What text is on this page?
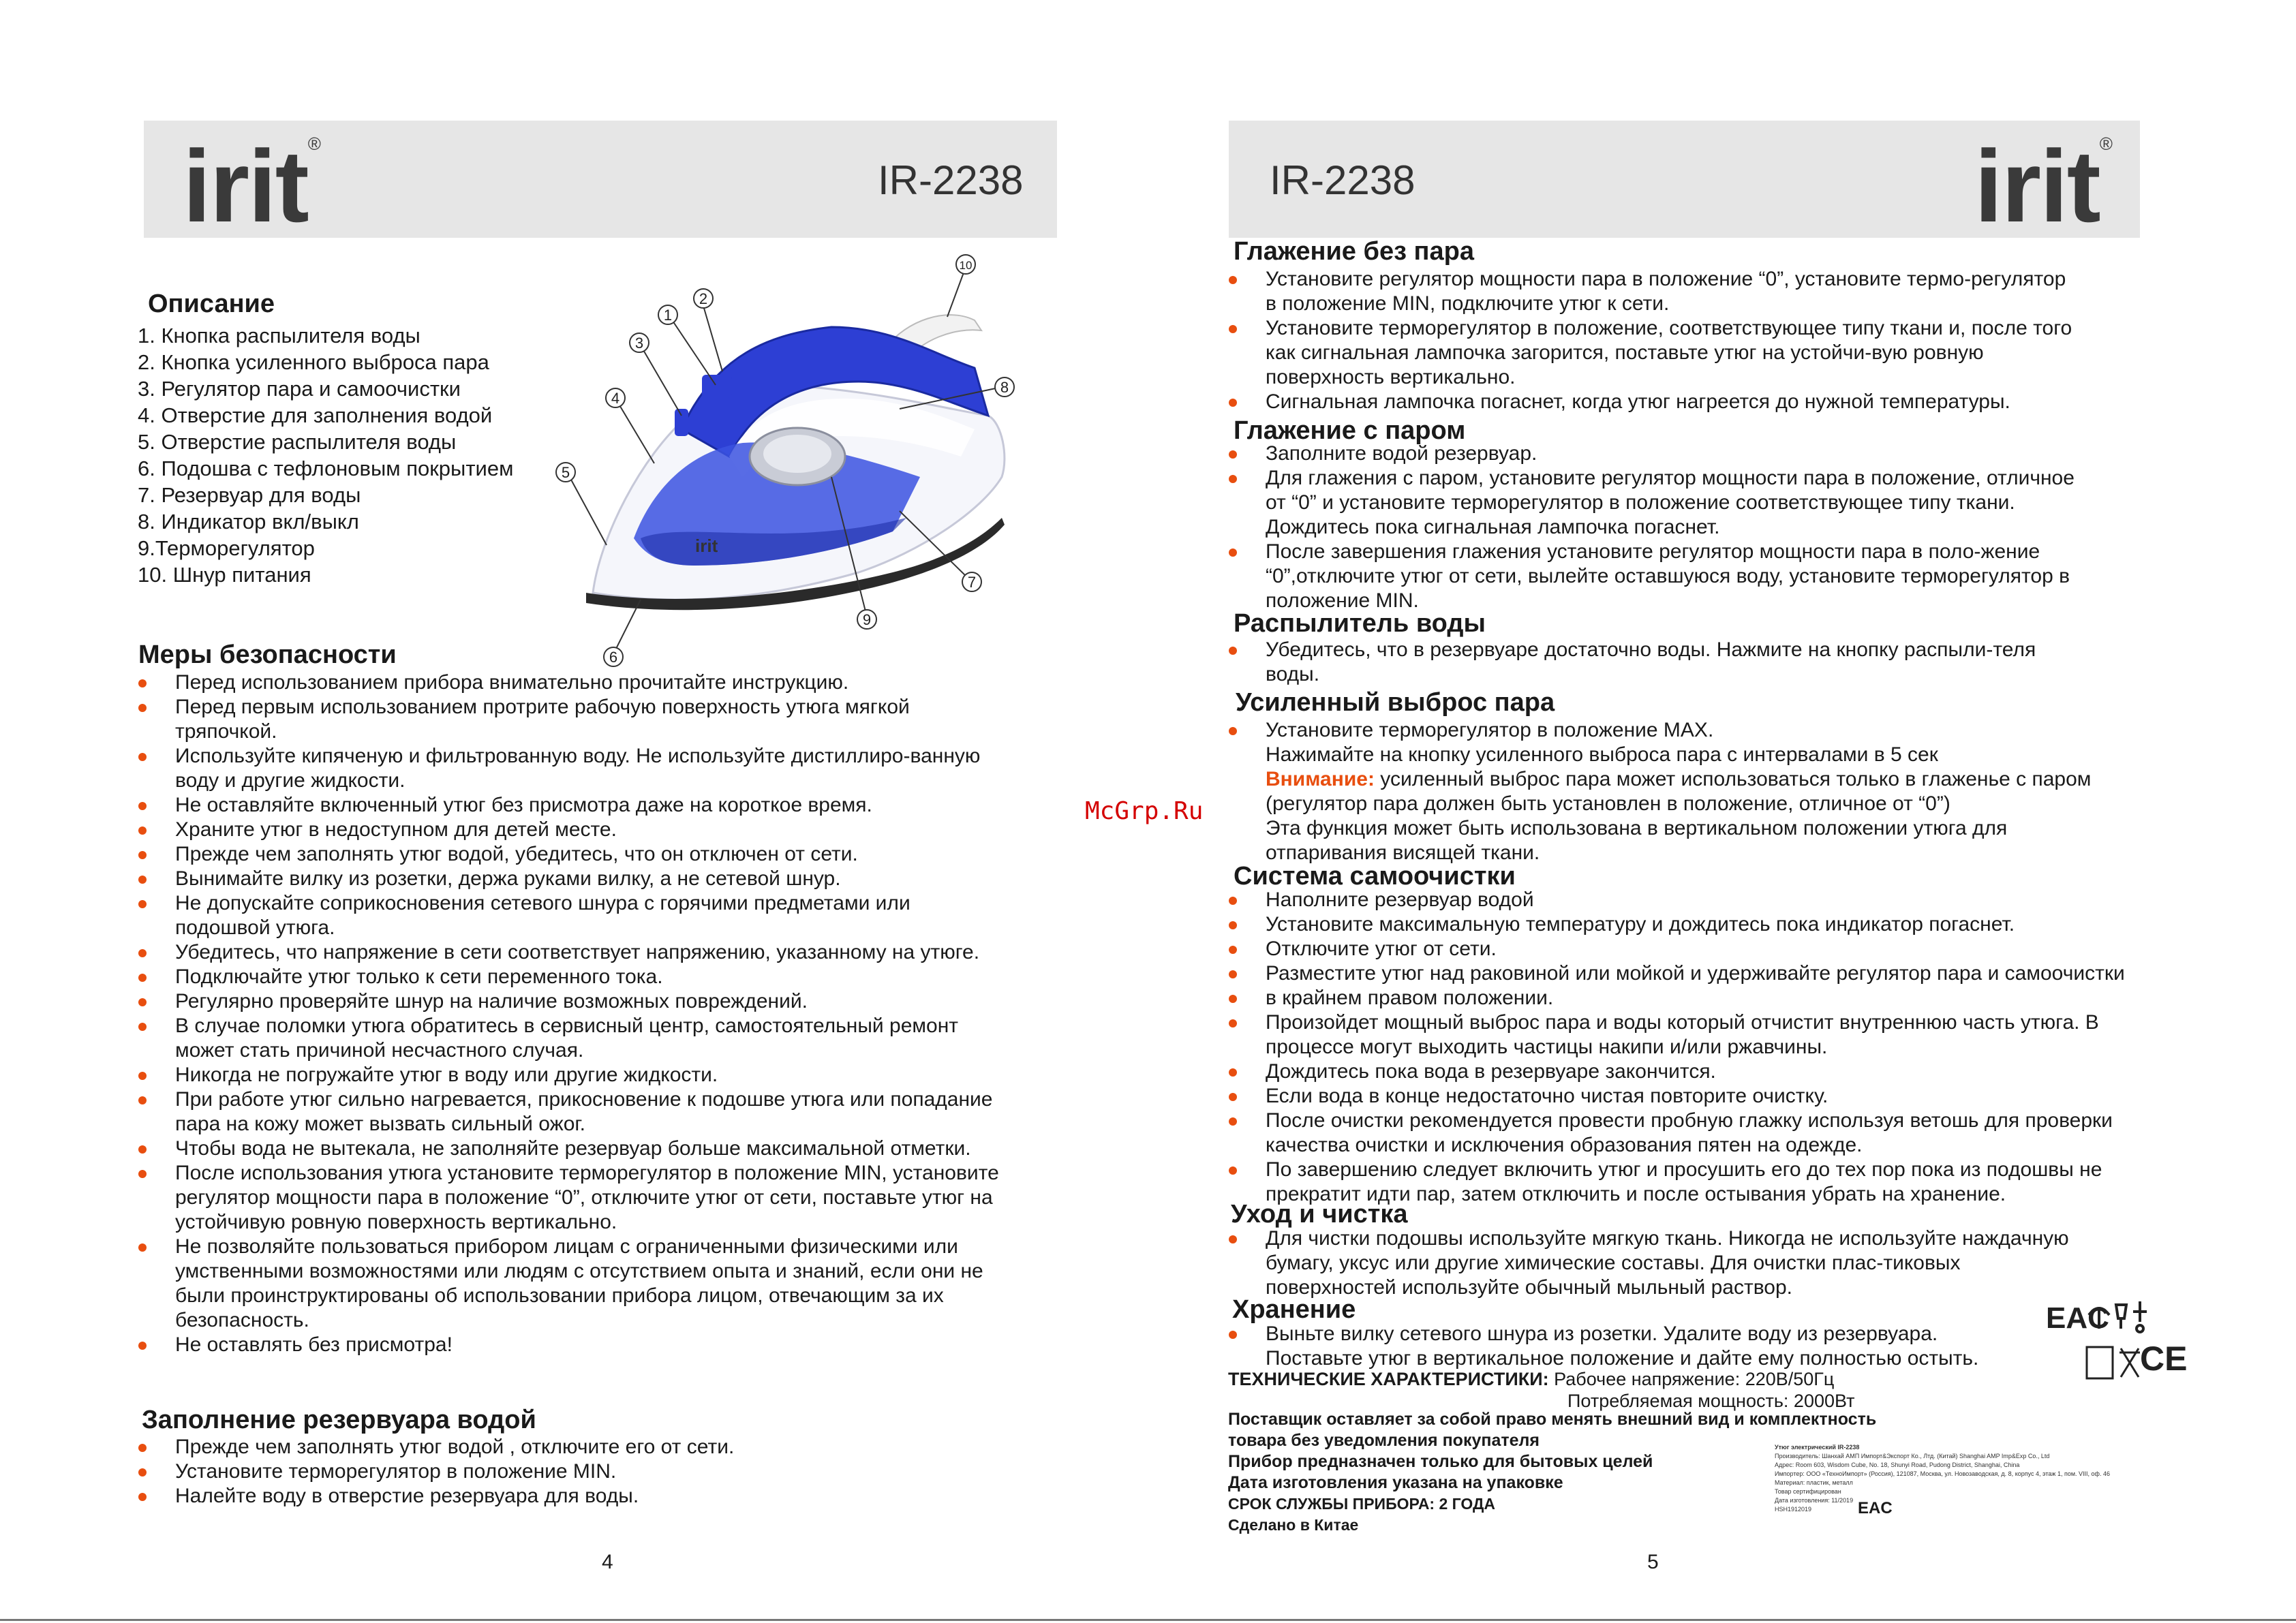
irit®
IR-2238
Описание
1. Кнопка распылителя воды
2. Кнопка усиленного выброса пара
3. Регулятор пара и самоочистки
4. Отверстие для заполнения водой
5. Отверстие распылителя воды
6. Подошва с тефлоновым покрытием
7. Резервуар для воды
8. Индикатор вкл/выкл
9.Терморегулятор
10. Шнур питания
irit
1
2
3
4
5
6
7
8
9
10
Меры безопасности
Перед использованием прибора внимательно прочитайте инструкцию.
Перед первым использованием протрите рабочую поверхность утюга мягкой тряпочкой.
Используйте кипяченую и фильтрованную воду. Не используйте дистиллиро-ванную воду и другие жидкости.
Не оставляйте включенный утюг без присмотра даже на короткое время.
Храните утюг в недоступном для детей месте.
Прежде чем заполнять утюг водой, убедитесь, что он отключен от сети.
Вынимайте вилку из розетки, держа руками вилку, а не сетевой шнур.
Не допускайте соприкосновения сетевого шнура с горячими предметами или подошвой утюга.
Убедитесь, что напряжение в сети соответствует напряжению, указанному на утюге.
Подключайте утюг только к сети переменного тока.
Регулярно проверяйте шнур на наличие возможных повреждений.
В случае поломки утюга обратитесь в сервисный центр, самостоятельный ремонт может стать причиной несчастного случая.
Никогда не погружайте утюг в воду или другие жидкости.
При работе утюг сильно нагревается, прикосновение к подошве утюга или попадание пара на кожу может вызвать сильный ожог.
Чтобы вода не вытекала, не заполняйте резервуар больше максимальной отметки.
После использования утюга установите терморегулятор в положение MIN, установите регулятор мощности пара в положение “0”, отключите утюг от сети, поставьте утюг на устойчивую ровную поверхность вертикально.
Не позволяйте пользоваться прибором лицам с ограниченными физическими или умственными возможностями или людям с отсутствием опыта и знаний, если они не были проинструктированы об использовании прибора лицом, отвечающим за их безопасность.
Не оставлять без присмотра!
Заполнение резервуара водой
Прежде чем заполнять утюг водой , отключите его от сети.
Установите терморегулятор в положение MIN.
Налейте воду в отверстие резервуара для воды.
4
IR-2238	irit®
Глажение без пара
Установите регулятор мощности пара в положение “0”, установите термо-регулятор в положение MIN, подключите утюг к сети.
Установите терморегулятор в положение, соответствующее типу ткани и, после того как сигнальная лампочка загорится, поставьте утюг на устойчи-вую ровную поверхность вертикально.
Сигнальная лампочка погаснет, когда утюг нагреется до нужной температуры.
Глажение с паром
Заполните водой резервуар.
Для глажения с паром, установите регулятор мощности пара в положение, отличное от “0” и установите терморегулятор в положение соответствующее типу ткани. Дождитесь пока сигнальная лампочка погаснет.
После завершения глажения установите регулятор мощности пара в поло-жение “0”,отключите утюг от сети, вылейте оставшуюся воду, установите терморегулятор в положение MIN.
Распылитель воды
Убедитесь, что в резервуаре достаточно воды. Нажмите на кнопку распыли-теля воды.
Усиленный выброс пара
Установите терморегулятор в положение MAX.
Нажимайте на кнопку усиленного выброса пара с интервалами в 5 сек
Внимание: усиленный выброс пара может использоваться только в глаженье с паром (регулятор пара должен быть установлен в положение, отличное от “0”)
Эта функция может быть использована в вертикальном положении утюга для отпаривания висящей ткани.
Система самоочистки
Наполните резервуар водой
Установите максимальную температуру и дождитесь пока индикатор погаснет.
Отключите утюг от сети.
Разместите утюг над раковиной или мойкой и удерживайте регулятор пара и самоочистки
в крайнем правом положении.
Произойдет мощный выброс пара и воды который отчистит внутреннюю часть утюга. В процессе могут выходить частицы накипи и/или ржавчины.
Дождитесь пока вода в резервуаре закончится.
Если вода в конце недостаточно чистая повторите очистку.
После очистки рекомендуется провести пробную глажку используя ветошь для проверки качества очистки и исключения образования пятен на одежде.
По завершению следует включить утюг и просушить его до тех пор пока из подошвы не прекратит идти пар, затем отключить и после остывания убрать на хранение.
Уход и чистка
Для чистки подошвы используйте мягкую ткань. Никогда не используйте наждачную бумагу, уксус или другие химические составы. Для очистки плас-тиковых поверхностей используйте обычный мыльный раствор.
Хранение
Выньте вилку сетевого шнура из розетки. Удалите воду из резервуара. Поставьте утюг в вертикальное положение и дайте ему полностью остыть.
ТЕХНИЧЕСКИЕ ХАРАКТЕРИСТИКИ: Рабочее напряжение: 220В/50Гц
Потребляемая мощность: 2000Вт
Поставщик оставляет за собой право менять внешний вид и комплектность
товара без уведомления покупателя
Прибор предназначен только для бытовых целей
Дата изготовления указана на упаковке
СРОК СЛУЖБЫ ПРИБОРА: 2 ГОДА
Сделано в Китае
Утюг электрический IR-2238
Производитель: Шанхай АМП Импорт&Экспорт Ко., Лтд. (Китай) Shanghai AMP Imp&Exp Co., Ltd
Адрес: Room 603, Wisdom Cube, No. 18, Shunyi Road, Pudong District, Shanghai, China
Импортер: ООО «ТехноИмпорт» (Россия), 121087, Москва, ул. Новозаводская, д. 8, корпус 4, этаж 1, пом. VIII, оф. 46
Материал: пластик, металл
Товар сертифицирован
Дата изготовления: 11/2019
HSH1912019	EAC
EAC
CE
5
McGrp.Ru
